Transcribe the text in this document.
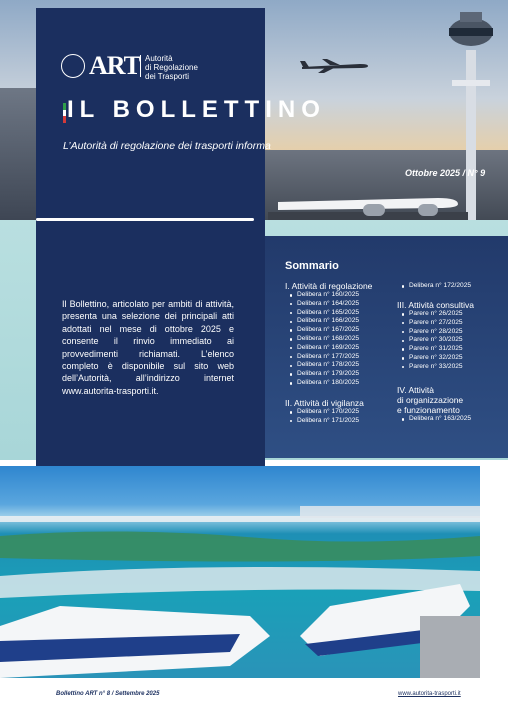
ART Autorità
di Regolazione
dei Trasporti
IL BOLLETTINO
L’Autorità di regolazione dei trasporti informa
Ottobre 2025 / N° 9
Il Bollettino, articolato per ambiti di attività, presenta una selezione dei principali atti adottati nel mese di ottobre 2025 e consente il rinvio immediato ai provvedimenti richiamati. L’elenco completo è disponibile sul sito web dell’Autorità, all’indirizzo internet www.autorita-trasporti.it.
Sommario
I. Attività di regolazione
Delibera n° 160/2025
Delibera n° 164/2025
Delibera n° 165/2025
Delibera n° 166/2025
Delibera n° 167/2025
Delibera n° 168/2025
Delibera n° 169/2025
Delibera n° 177/2025
Delibera n° 178/2025
Delibera n° 179/2025
Delibera n° 180/2025
II. Attività di vigilanza
Delibera n° 170/2025
Delibera n° 171/2025
Delibera n° 172/2025
III. Attività consultiva
Parere n° 26/2025
Parere n° 27/2025
Parere n° 28/2025
Parere n° 30/2025
Parere n° 31/2025
Parere n° 32/2025
Parere n° 33/2025
IV. Attività
di organizzazione
e funzionamento
Delibera n° 163/2025
Bollettino ART n° 8 / Settembre 2025	www.autorita-trasporti.it
